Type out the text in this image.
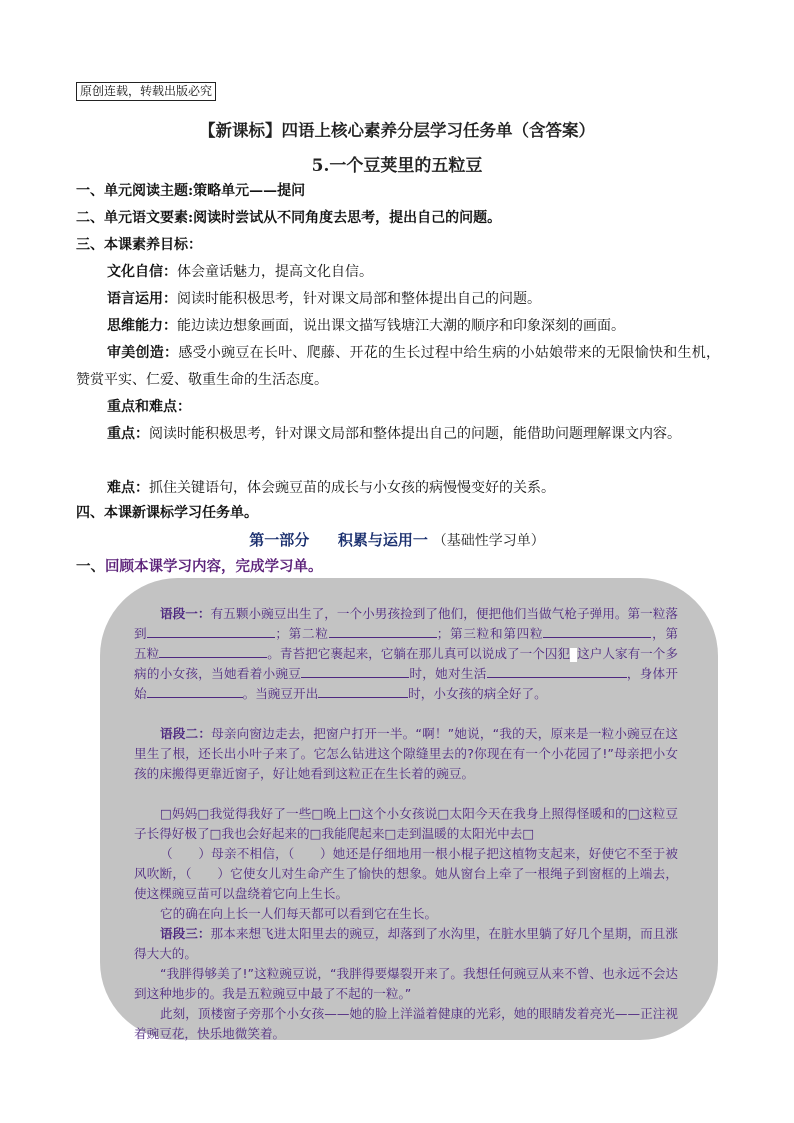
原创连载，转载出版必究
【新课标】四语上核心素养分层学习任务单（含答案）
5.一个豆荚里的五粒豆
一、单元阅读主题:策略单元——提问
二、单元语文要素:阅读时尝试从不同角度去思考，提出自己的问题。
三、本课素养目标：
文化自信：体会童话魅力，提高文化自信。
语言运用：阅读时能积极思考，针对课文局部和整体提出自己的问题。
思维能力：能边读边想象画面，说出课文描写钱塘江大潮的顺序和印象深刻的画面。
审美创造：感受小豌豆在长叶、爬藤、开花的生长过程中给生病的小姑娘带来的无限愉快和生机，赞赏平实、仁爱、敬重生命的生活态度。
重点和难点：
重点：阅读时能积极思考，针对课文局部和整体提出自己的问题，能借助问题理解课文内容。
难点：抓住关键语句，体会豌豆苗的成长与小女孩的病慢慢变好的关系。
四、本课新课标学习任务单。
第一部分 积累与运用一 （基础性学习单）
一、回顾本课学习内容，完成学习单。
语段一：有五颗小豌豆出生了，一个小男孩捡到了他们，便把他们当做气枪子弹用。第一粒落到	；第二粒	；第三粒和第四粒	，第五粒	。青苔把它裹起来，它躺在那儿真可以说成了一个囚犯 这户人家有一个多病的小女孩，当她看着小豌豆	时，她对生活	，身体开始	。当豌豆开出	时，小女孩的病全好了。
语段二：母亲向窗边走去，把窗户打开一半。“啊！”她说，“我的天，原来是一粒小豌豆在这里生了根，还长出小叶子来了。它怎么钻进这个隙缝里去的?你现在有一个小花园了!”母亲把小女孩的床搬得更靠近窗子，好让她看到这粒正在生长着的豌豆。
□妈妈□我觉得我好了一些□晚上□这个小女孩说□太阳今天在我身上照得怪暖和的□这粒豆子长得好极了□我也会好起来的□我能爬起来□走到温暖的太阳光中去□
（　　）母亲不相信，（　　）她还是仔细地用一根小棍子把这植物支起来，好使它不至于被风吹断，（　　）它使女儿对生命产生了愉快的想象。她从窗台上牵了一根绳子到窗框的上端去，使这棵豌豆苗可以盘绕着它向上生长。
它的确在向上长一人们每天都可以看到它在生长。
语段三：那本来想飞进太阳里去的豌豆，却落到了水沟里，在脏水里躺了好几个星期，而且涨得大大的。
“我胖得够美了!”这粒豌豆说，“我胖得要爆裂开来了。我想任何豌豆从来不曾、也永远不会达到这种地步的。我是五粒豌豆中最了不起的一粒。”
此刻，顶楼窗子旁那个小女孩——她的脸上洋溢着健康的光彩，她的眼睛发着亮光——正注视着豌豆花，快乐地微笑着。
